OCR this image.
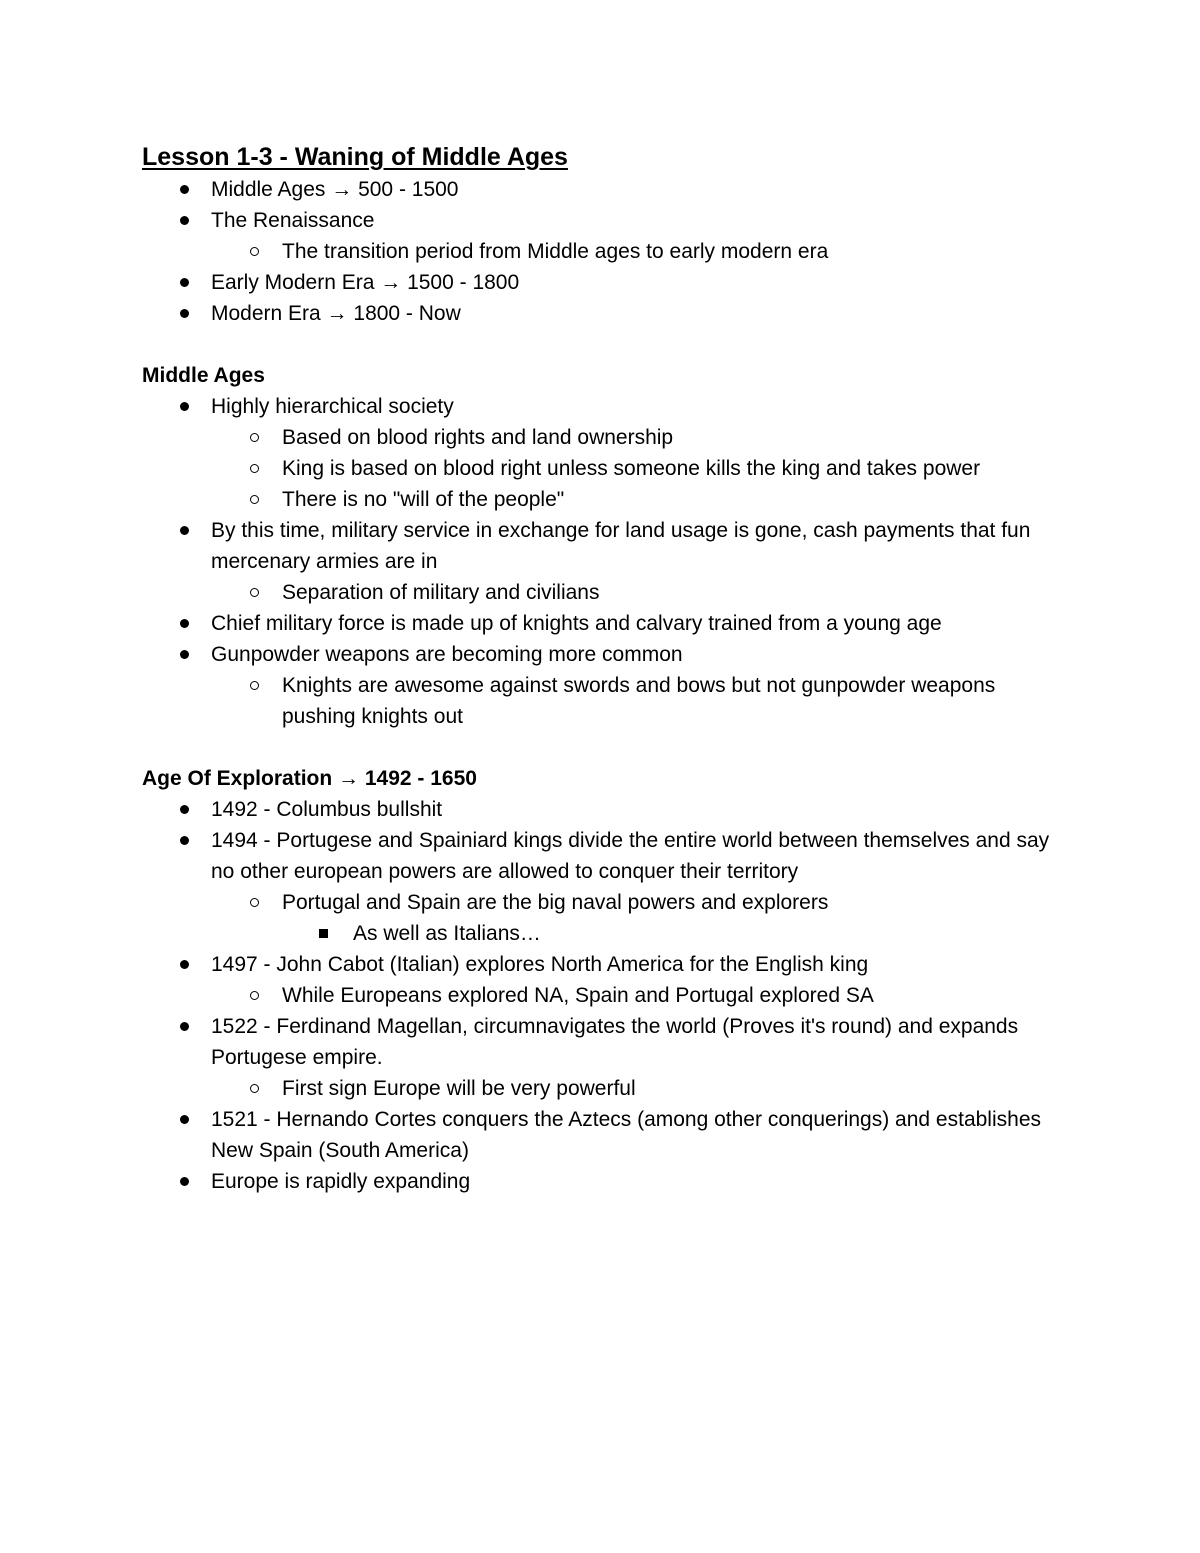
Lesson 1-3 - Waning of Middle Ages
Middle Ages → 500 - 1500
The Renaissance
The transition period from Middle ages to early modern era
Early Modern Era → 1500 - 1800
Modern Era → 1800 - Now
Middle Ages
Highly hierarchical society
Based on blood rights and land ownership
King is based on blood right unless someone kills the king and takes power
There is no "will of the people"
By this time, military service in exchange for land usage is gone, cash payments that fun mercenary armies are in
Separation of military and civilians
Chief military force is made up of knights and calvary trained from a young age
Gunpowder weapons are becoming more common
Knights are awesome against swords and bows but not gunpowder weapons pushing knights out
Age Of Exploration → 1492 - 1650
1492 - Columbus bullshit
1494 - Portugese and Spainiard kings divide the entire world between themselves and say no other european powers are allowed to conquer their territory
Portugal and Spain are the big naval powers and explorers
As well as Italians…
1497 - John Cabot (Italian) explores North America for the English king
While Europeans explored NA, Spain and Portugal explored SA
1522 - Ferdinand Magellan, circumnavigates the world (Proves it's round) and expands Portugese empire.
First sign Europe will be very powerful
1521 - Hernando Cortes conquers the Aztecs (among other conquerings) and establishes New Spain (South America)
Europe is rapidly expanding
